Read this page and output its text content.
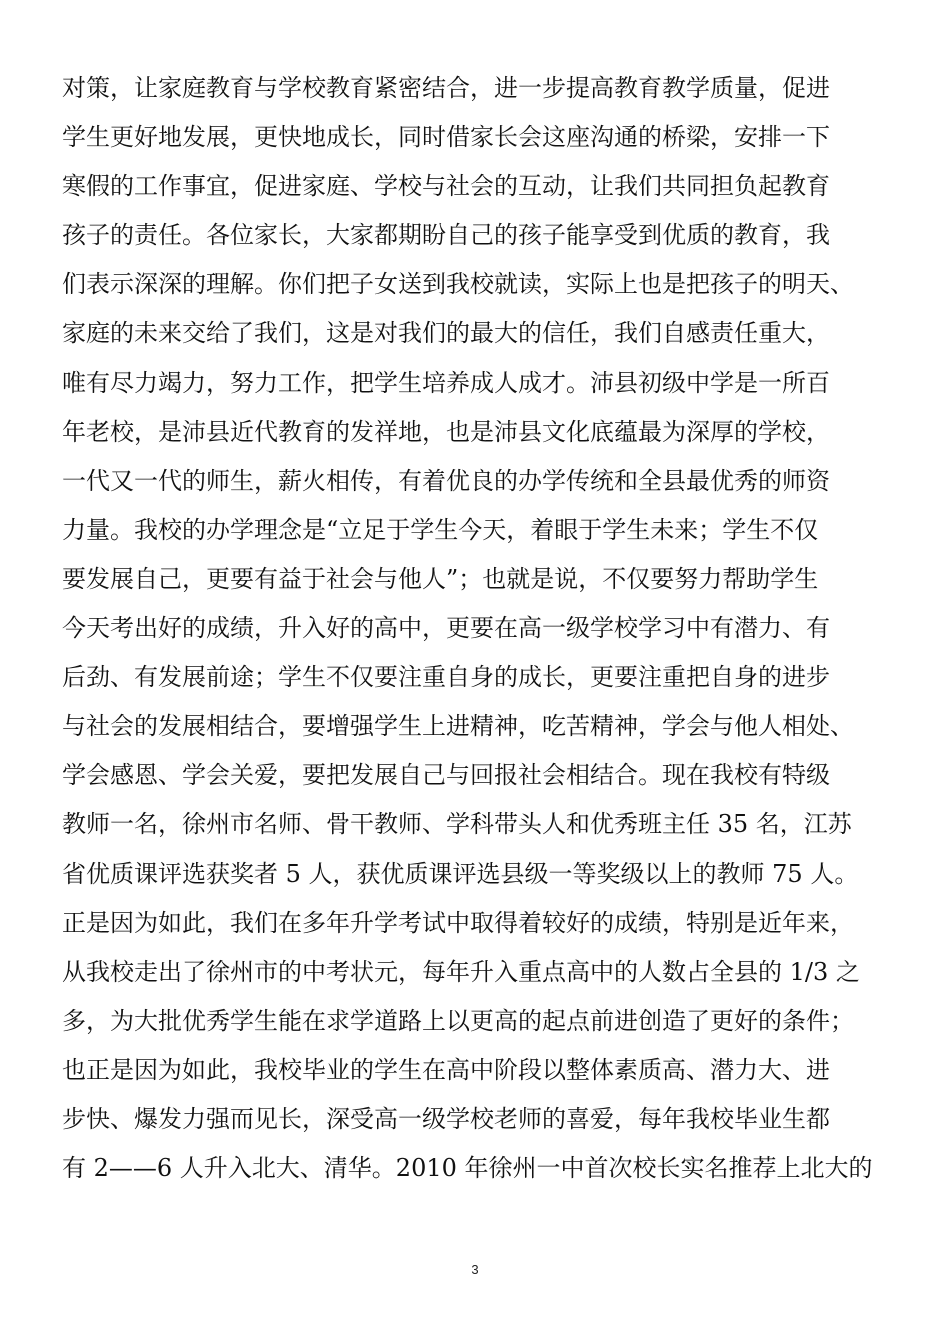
对策，让家庭教育与学校教育紧密结合，进一步提高教育教学质量，促进
学生更好地发展，更快地成长，同时借家长会这座沟通的桥梁，安排一下
寒假的工作事宜，促进家庭、学校与社会的互动，让我们共同担负起教育
孩子的责任。各位家长，大家都期盼自己的孩子能享受到优质的教育，我
们表示深深的理解。你们把子女送到我校就读，实际上也是把孩子的明天、
家庭的未来交给了我们，这是对我们的最大的信任，我们自感责任重大，
唯有尽力竭力，努力工作，把学生培养成人成才。沛县初级中学是一所百
年老校，是沛县近代教育的发祥地，也是沛县文化底蕴最为深厚的学校，
一代又一代的师生，薪火相传，有着优良的办学传统和全县最优秀的师资
力量。我校的办学理念是“立足于学生今天，着眼于学生未来；学生不仅
要发展自己，更要有益于社会与他人”；也就是说，不仅要努力帮助学生
今天考出好的成绩，升入好的高中，更要在高一级学校学习中有潜力、有
后劲、有发展前途；学生不仅要注重自身的成长，更要注重把自身的进步
与社会的发展相结合，要增强学生上进精神，吃苦精神，学会与他人相处、
学会感恩、学会关爱，要把发展自己与回报社会相结合。现在我校有特级
教师一名，徐州市名师、骨干教师、学科带头人和优秀班主任 35 名，江苏
省优质课评选获奖者 5 人，获优质课评选县级一等奖级以上的教师 75 人。
正是因为如此，我们在多年升学考试中取得着较好的成绩，特别是近年来，
从我校走出了徐州市的中考状元，每年升入重点高中的人数占全县的 1/3 之
多，为大批优秀学生能在求学道路上以更高的起点前进创造了更好的条件；
也正是因为如此，我校毕业的学生在高中阶段以整体素质高、潜力大、进
步快、爆发力强而见长，深受高一级学校老师的喜爱，每年我校毕业生都
有 2——6 人升入北大、清华。2010 年徐州一中首次校长实名推荐上北大的
3
